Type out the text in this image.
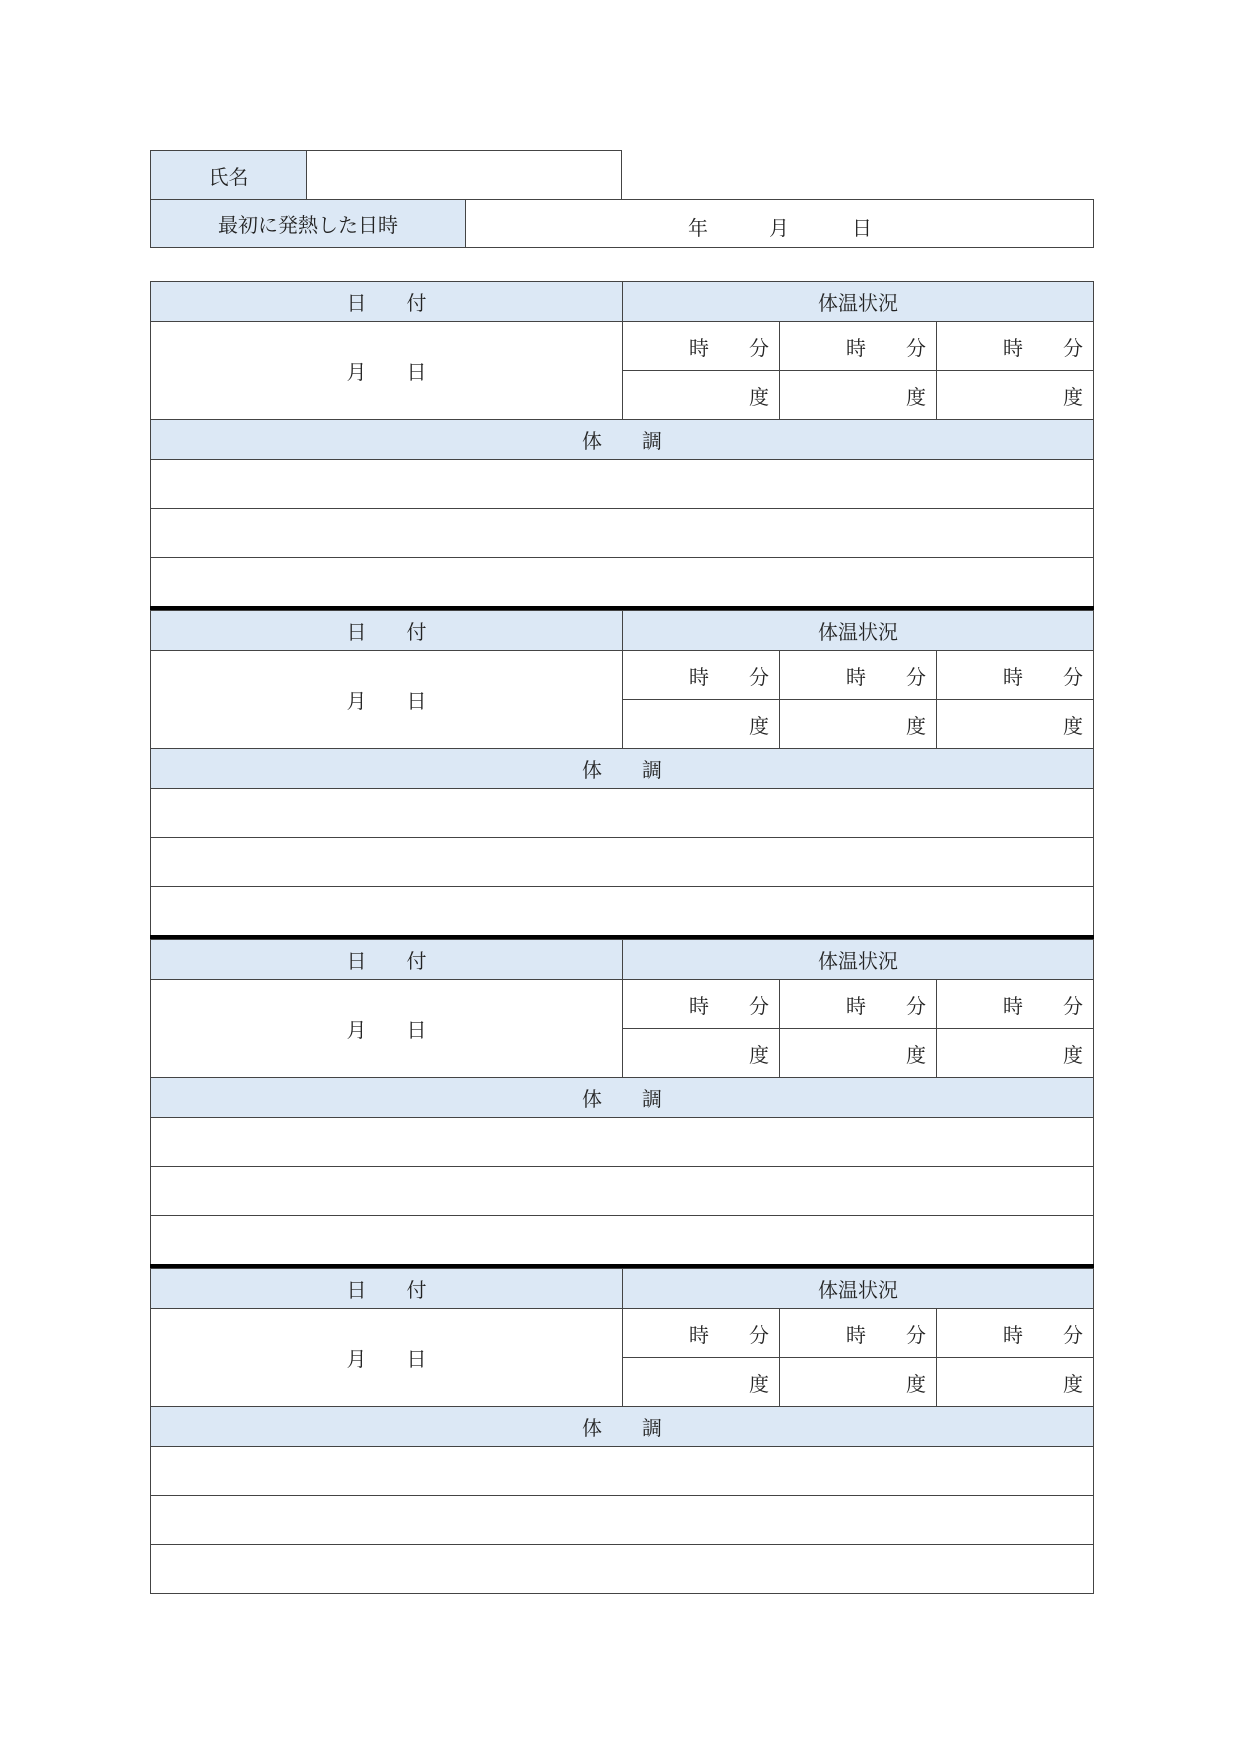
氏名
最初に発熱した日時	年	月	日
日　　付	体温状況
月　　日
時　　分	時　　分	時　　分
度	度	度
体　　調
日　　付	体温状況
月　　日
時　　分	時　　分	時　　分
度	度	度
体　　調
日　　付	体温状況
月　　日
時　　分	時　　分	時　　分
度	度	度
体　　調
日　　付	体温状況
月　　日
時　　分	時　　分	時　　分
度	度	度
体　　調
